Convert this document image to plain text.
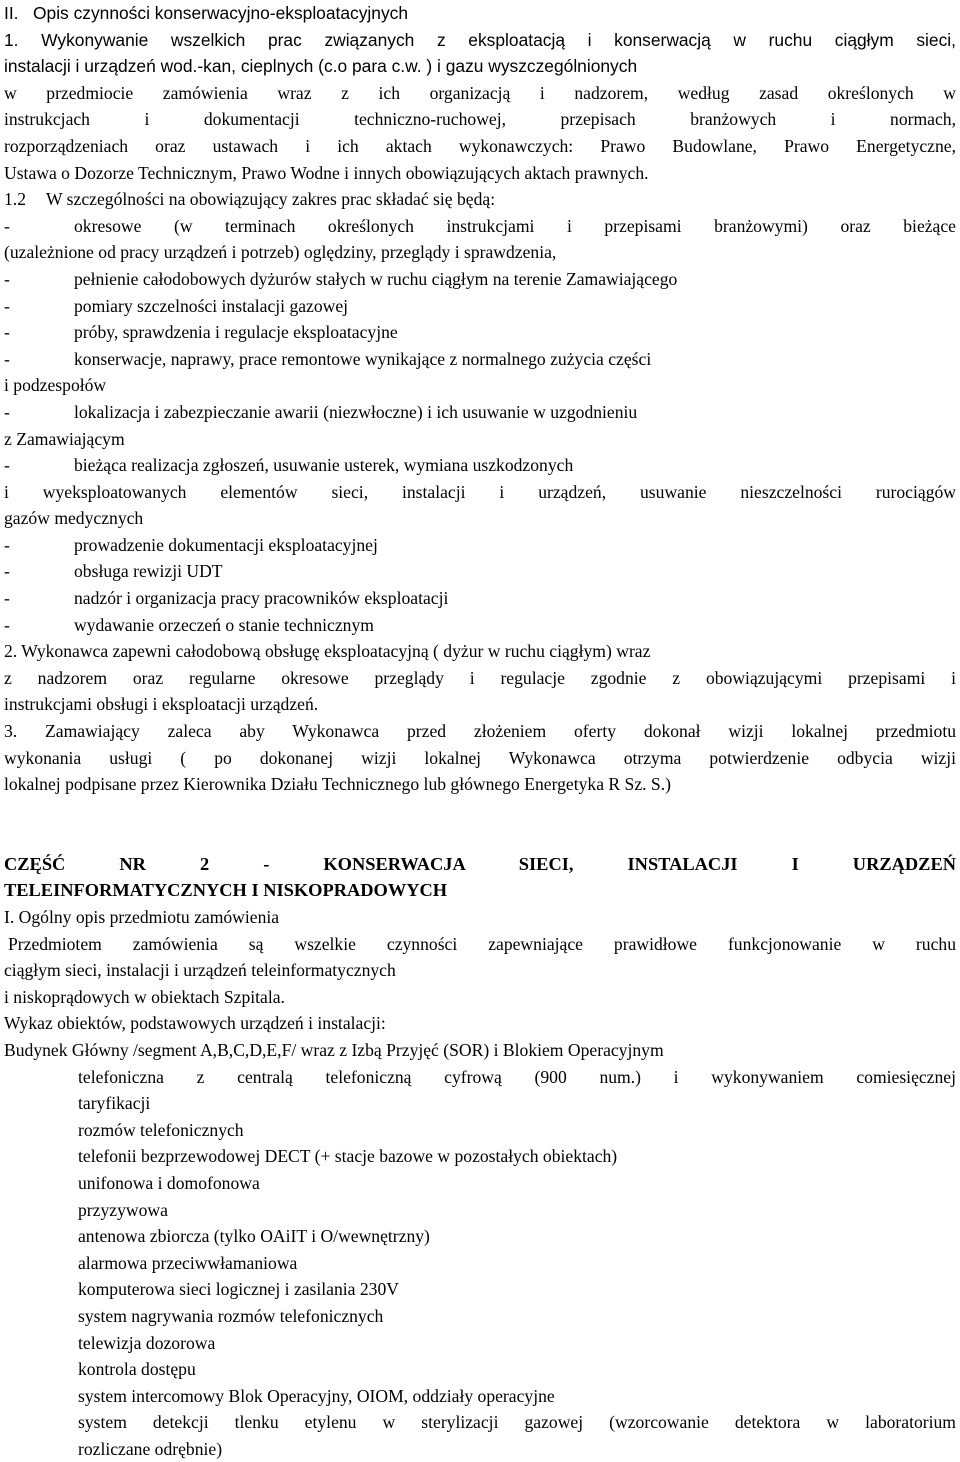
II.   Opis czynności konserwacyjno-eksploatacyjnych
1. Wykonywanie wszelkich prac związanych z eksploatacją i konserwacją w ruchu ciągłym sieci,
instalacji i urządzeń wod.-kan, cieplnych (c.o para c.w. ) i gazu wyszczególnionych
w przedmiocie zamówienia wraz z ich organizacją i nadzorem, według zasad określonych w
instrukcjach i dokumentacji techniczno-ruchowej, przepisach branżowych i normach,
rozporządzeniach oraz ustawach i ich aktach wykonawczych: Prawo Budowlane, Prawo Energetyczne,
Ustawa o Dozorze Technicznym, Prawo Wodne i innych obowiązujących aktach prawnych.
1.2	W szczególności na obowiązujący zakres prac składać się będą:
-	okresowe (w terminach określonych instrukcjami i przepisami branżowymi) oraz bieżące
(uzależnione od pracy urządzeń i potrzeb) oględziny, przeglądy i sprawdzenia,
-	pełnienie całodobowych dyżurów stałych w ruchu ciągłym na terenie Zamawiającego
-	pomiary szczelności instalacji gazowej
-	próby, sprawdzenia i regulacje eksploatacyjne
-	konserwacje, naprawy, prace remontowe wynikające z normalnego zużycia części
i podzespołów
-	lokalizacja i zabezpieczanie awarii (niezwłoczne) i ich usuwanie w uzgodnieniu
z Zamawiającym
-	bieżąca realizacja zgłoszeń, usuwanie usterek, wymiana uszkodzonych
i wyeksploatowanych elementów sieci, instalacji i urządzeń, usuwanie nieszczelności rurociągów
gazów medycznych
-	prowadzenie dokumentacji eksploatacyjnej
-	obsługa rewizji UDT
-	nadzór i organizacja pracy pracowników eksploatacji
-	wydawanie orzeczeń o stanie technicznym
2. Wykonawca zapewni całodobową obsługę eksploatacyjną ( dyżur w ruchu ciągłym) wraz
z nadzorem oraz regularne okresowe przeglądy i regulacje zgodnie z obowiązującymi przepisami i
instrukcjami obsługi i eksploatacji urządzeń.
3. Zamawiający zaleca aby Wykonawca przed złożeniem oferty dokonał wizji lokalnej przedmiotu
wykonania usługi ( po dokonanej wizji lokalnej Wykonawca otrzyma potwierdzenie odbycia wizji
lokalnej podpisane przez Kierownika Działu Technicznego lub głównego Energetyka R Sz. S.)
CZĘŚĆ NR 2 - KONSERWACJA SIECI, INSTALACJI I URZĄDZEŃ
TELEINFORMATYCZNYCH I NISKOPRADOWYCH
I. Ogólny opis przedmiotu zamówienia
Przedmiotem zamówienia są wszelkie czynności zapewniające prawidłowe funkcjonowanie w ruchu
ciągłym sieci, instalacji i urządzeń teleinformatycznych
i niskoprądowych w obiektach Szpitala.
Wykaz obiektów, podstawowych urządzeń i instalacji:
Budynek Główny /segment A,B,C,D,E,F/ wraz z Izbą Przyjęć (SOR) i Blokiem Operacyjnym
telefoniczna z centralą telefoniczną cyfrową (900 num.) i wykonywaniem comiesięcznej
taryfikacji
rozmów telefonicznych
telefonii bezprzewodowej DECT (+ stacje bazowe w pozostałych obiektach)
unifonowa i domofonowa
przyzywowa
antenowa zbiorcza (tylko OAiIT i O/wewnętrzny)
alarmowa przeciwwłamaniowa
komputerowa sieci logicznej i zasilania 230V
system nagrywania rozmów telefonicznych
telewizja dozorowa
kontrola dostępu
system intercomowy Blok Operacyjny, OIOM, oddziały operacyjne
system detekcji tlenku etylenu w sterylizacji gazowej (wzorcowanie detektora w laboratorium
rozliczane odrębnie)
